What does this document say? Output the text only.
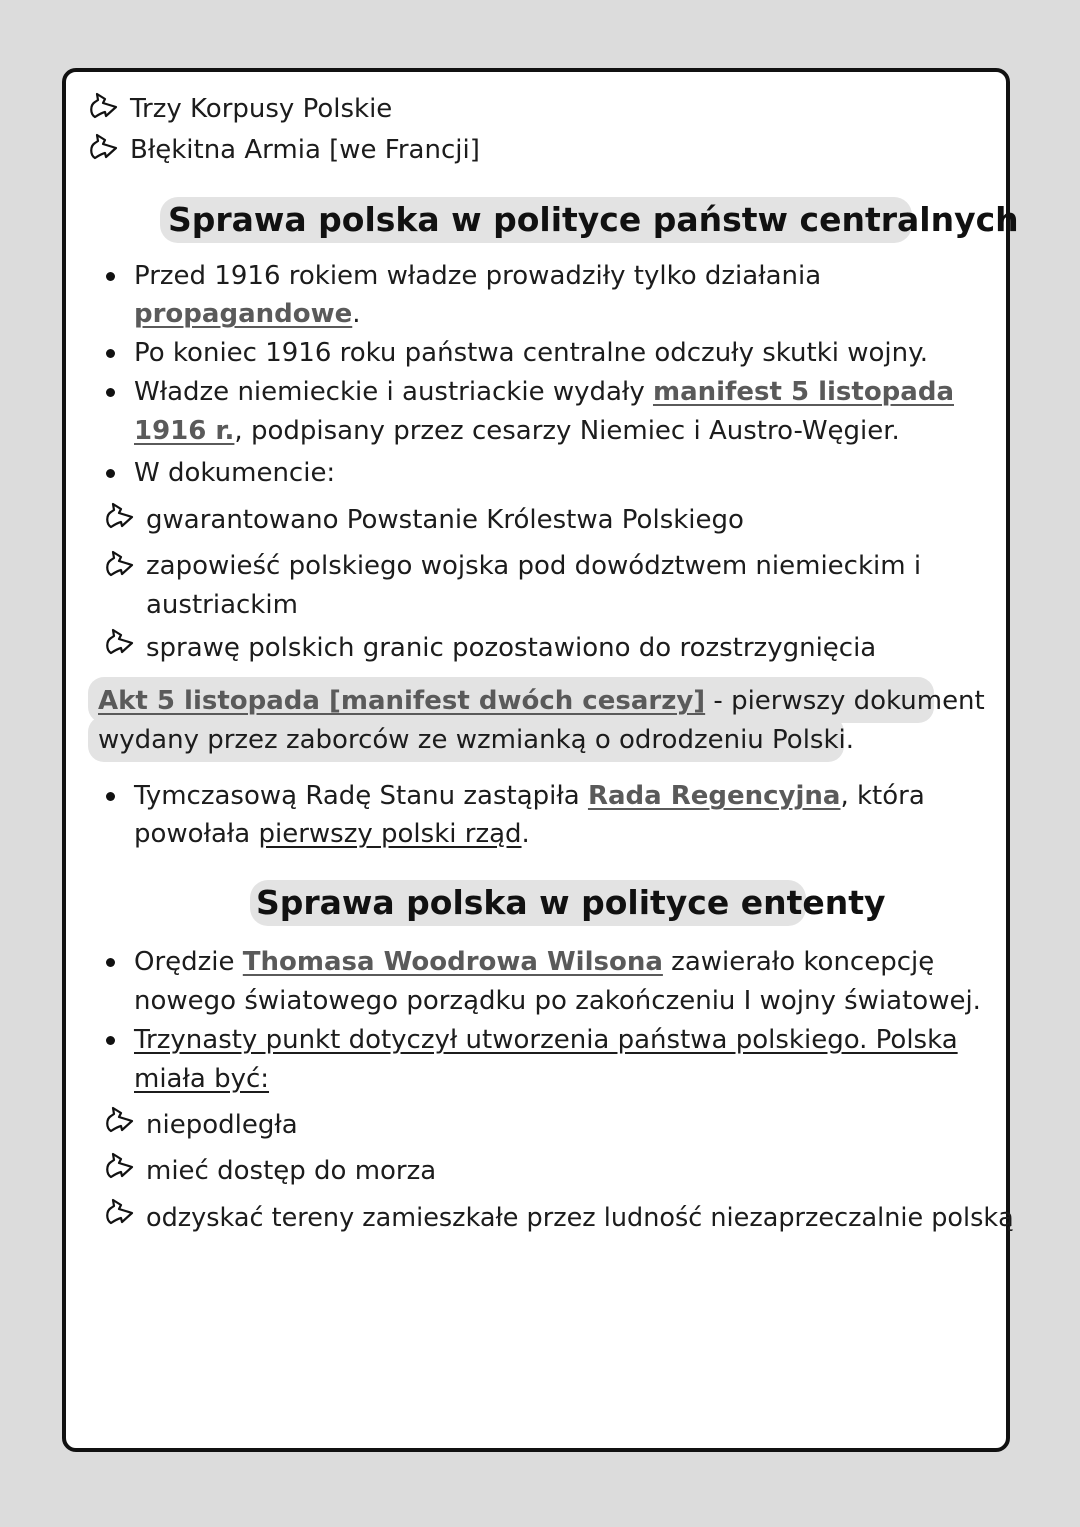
Trzy Korpusy Polskie
Błękitna Armia [we Francji]
Sprawa polska w polityce państw centralnych
Przed 1916 rokiem władze prowadziły tylko działania
propagandowe.
Po koniec 1916 roku państwa centralne odczuły skutki wojny.
Władze niemieckie i austriackie wydały manifest 5 listopada
1916 r., podpisany przez cesarzy Niemiec i Austro-Węgier.
W dokumencie:
gwarantowano Powstanie Królestwa Polskiego
zapowieść polskiego wojska pod dowództwem niemieckim i
austriackim
sprawę polskich granic pozostawiono do rozstrzygnięcia
Akt 5 listopada [manifest dwóch cesarzy] - pierwszy dokument
wydany przez zaborców ze wzmianką o odrodzeniu Polski.
Tymczasową Radę Stanu zastąpiła Rada Regencyjna, która
powołała pierwszy polski rząd.
Sprawa polska w polityce ententy
Orędzie Thomasa Woodrowa Wilsona zawierało koncepcję
nowego światowego porządku po zakończeniu I wojny światowej.
Trzynasty punkt dotyczył utworzenia państwa polskiego. Polska
miała być:
niepodległa
mieć dostęp do morza
odzyskać tereny zamieszkałe przez ludność niezaprzeczalnie polską
